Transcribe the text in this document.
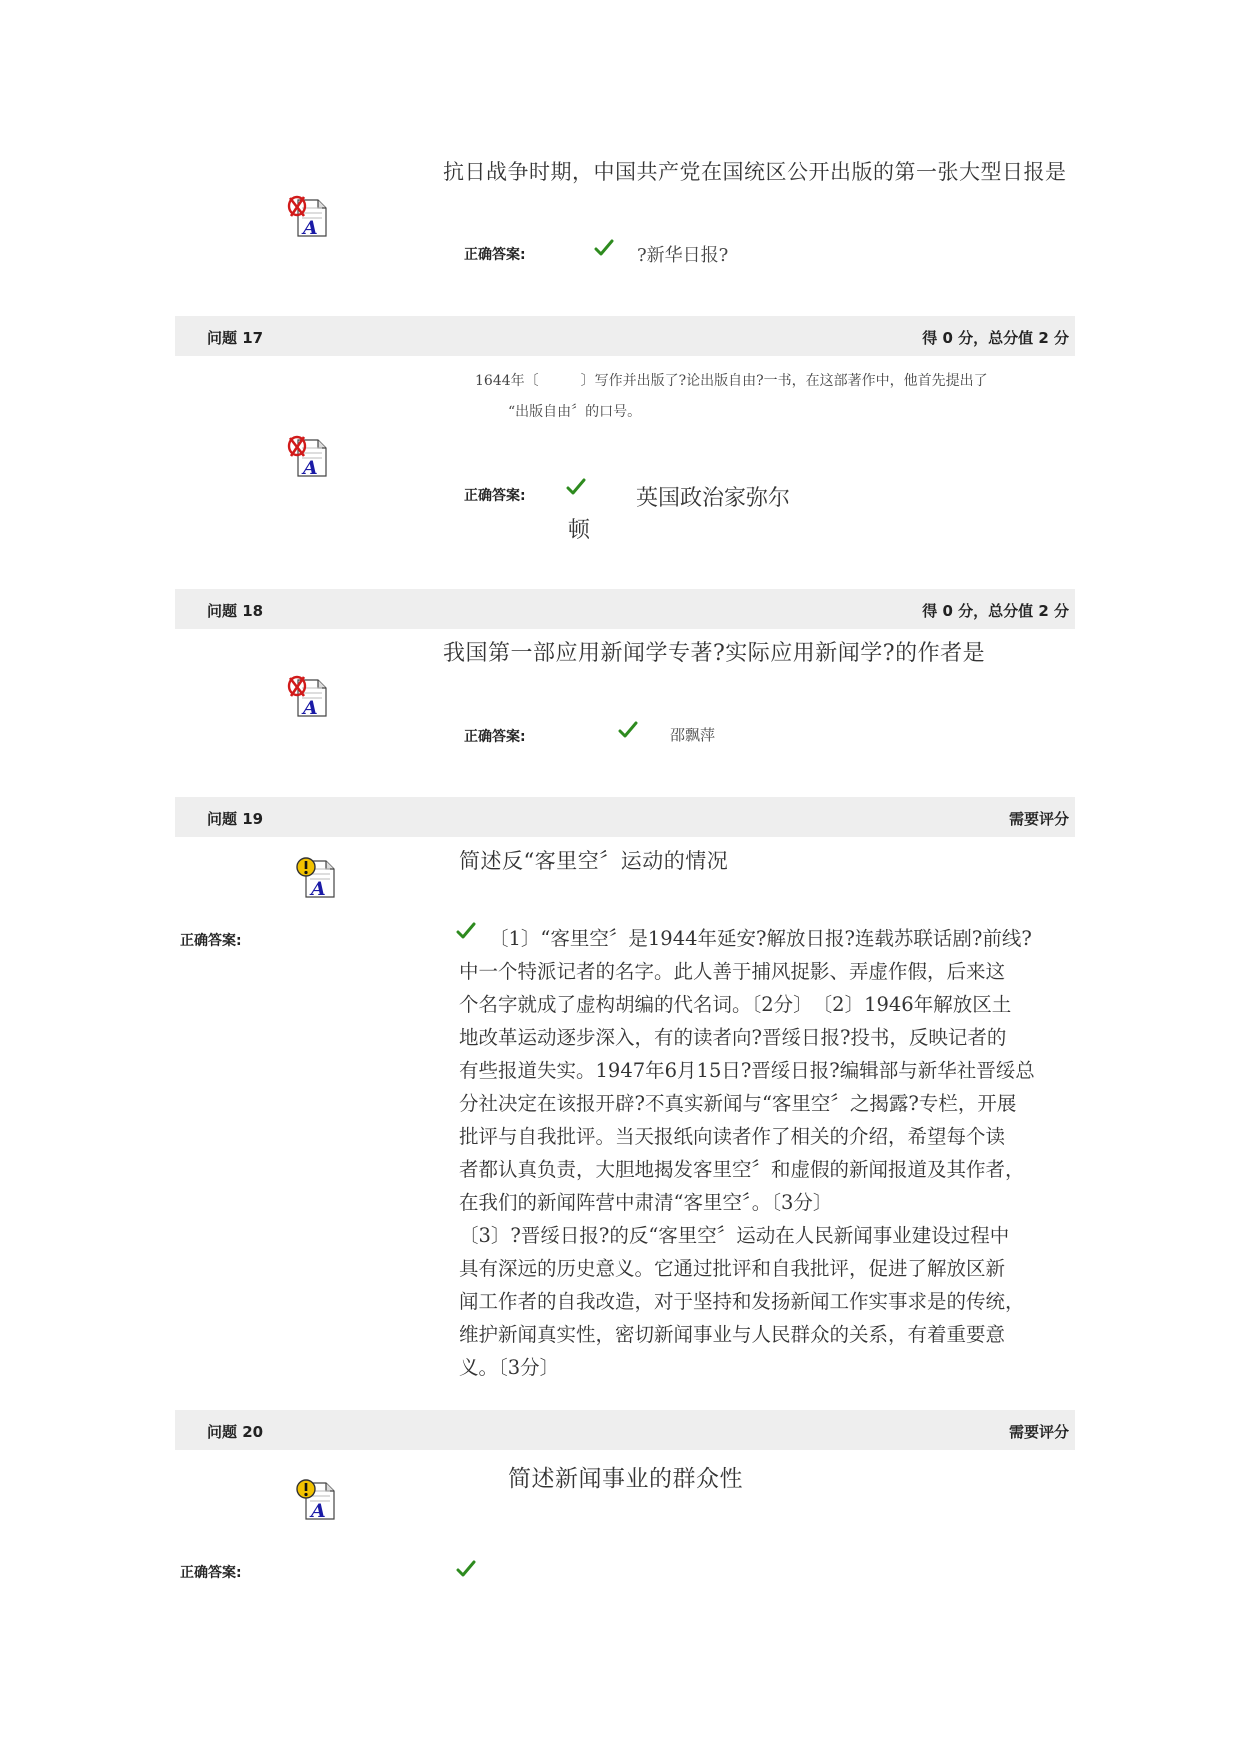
抗日战争时期，中国共产党在国统区公开出版的第一张大型日报是
正确答案:	?新华日报?
问题 17	得 0 分，总分值 2 分
1644年〔　　　〕写作并出版了?论出版自由?一书，在这部著作中，他首先提出了
“出版自由〞的口号。
正确答案:	英国政治家弥尔
顿
问题 18	得 0 分，总分值 2 分
我国第一部应用新闻学专著?实际应用新闻学?的作者是
正确答案:	邵飘萍
问题 19	需要评分
简述反“客里空〞运动的情况
正确答案:	〔1〕“客里空〞是1944年延安?解放日报?连载苏联话剧?前线?
中一个特派记者的名字。此人善于捕风捉影、弄虚作假，后来这
个名字就成了虚构胡编的代名词。〔2分〕　〔2〕1946年解放区土
地改革运动逐步深入，有的读者向?晋绥日报?投书，反映记者的
有些报道失实。1947年6月15日?晋绥日报?编辑部与新华社晋绥总
分社决定在该报开辟?不真实新闻与“客里空〞之揭露?专栏，开展
批评与自我批评。当天报纸向读者作了相关的介绍，希望每个读
者都认真负责，大胆地揭发客里空〞和虚假的新闻报道及其作者，
在我们的新闻阵营中肃清“客里空〞。〔3分〕
〔3〕?晋绥日报?的反“客里空〞运动在人民新闻事业建设过程中
具有深远的历史意义。它通过批评和自我批评，促进了解放区新
闻工作者的自我改造，对于坚持和发扬新闻工作实事求是的传统，
维护新闻真实性，密切新闻事业与人民群众的关系，有着重要意
义。〔3分〕
问题 20	需要评分
简述新闻事业的群众性
正确答案:
